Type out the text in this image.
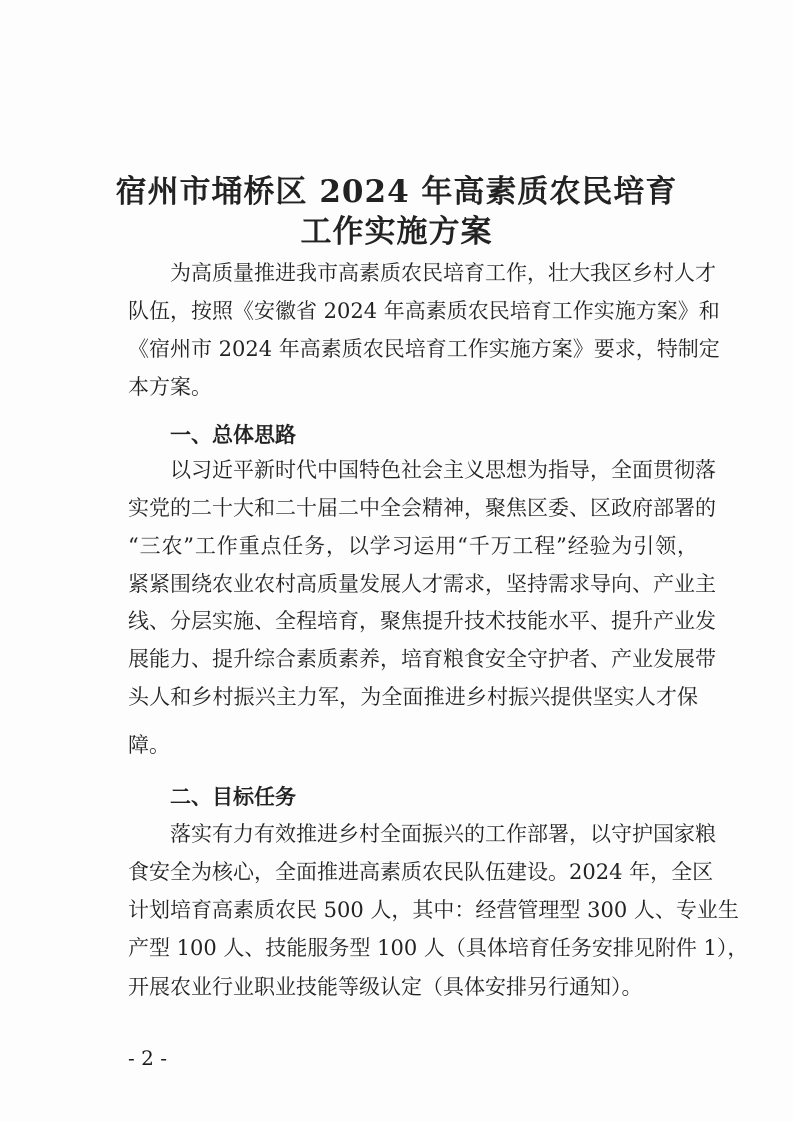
宿州市埇桥区 2024 年高素质农民培育
工作实施方案
为高质量推进我市高素质农民培育工作，壮大我区乡村人才
队伍，按照《安徽省 2024 年高素质农民培育工作实施方案》和
《宿州市 2024 年高素质农民培育工作实施方案》要求，特制定
本方案。
一、总体思路
以习近平新时代中国特色社会主义思想为指导，全面贯彻落
实党的二十大和二十届二中全会精神，聚焦区委、区政府部署的
“三农”工作重点任务，以学习运用“千万工程”经验为引领，
紧紧围绕农业农村高质量发展人才需求，坚持需求导向、产业主
线、分层实施、全程培育，聚焦提升技术技能水平、提升产业发
展能力、提升综合素质素养，培育粮食安全守护者、产业发展带
头人和乡村振兴主力军，为全面推进乡村振兴提供坚实人才保
障。
二、目标任务
落实有力有效推进乡村全面振兴的工作部署，以守护国家粮
食安全为核心，全面推进高素质农民队伍建设。2024 年，全区
计划培育高素质农民 500 人，其中：经营管理型 300 人、专业生
产型 100 人、技能服务型 100 人（具体培育任务安排见附件 1），
开展农业行业职业技能等级认定（具体安排另行通知）。
- 2 -
